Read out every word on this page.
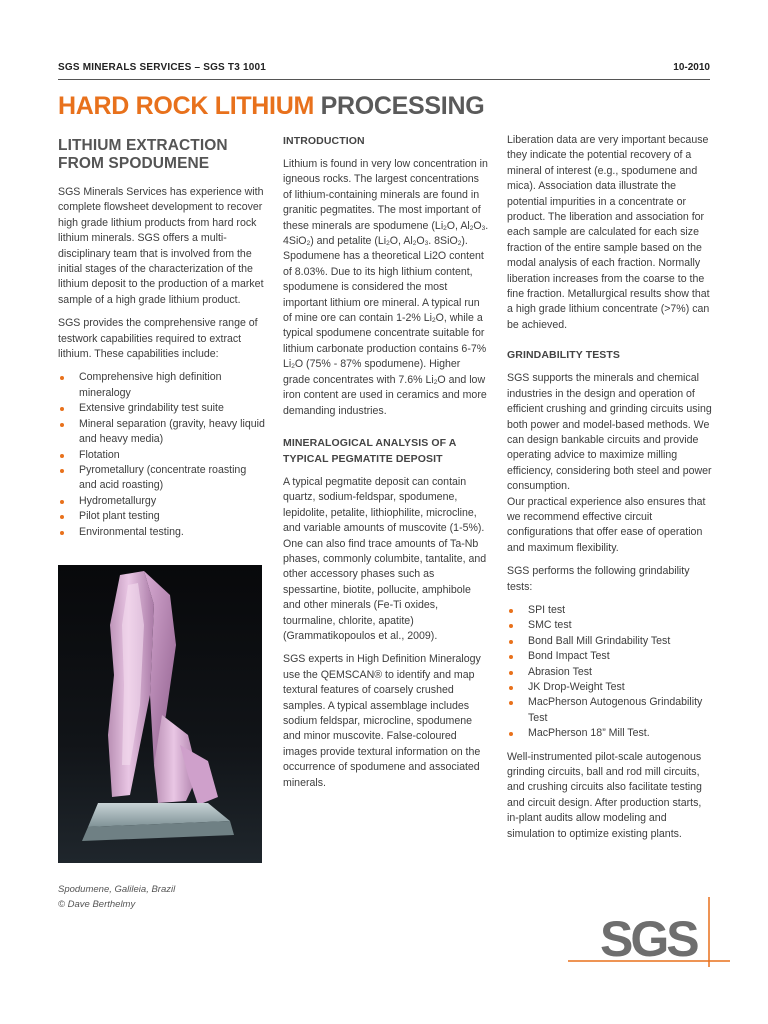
SGS MINERALS SERVICES – SGS T3 1001	10-2010
HARD ROCK LITHIUM PROCESSING
LITHIUM EXTRACTION FROM SPODUMENE

SGS Minerals Services has experience with complete flowsheet development to recover high grade lithium products from hard rock lithium minerals. SGS offers a multi-disciplinary team that is involved from the initial stages of the characterization of the lithium deposit to the production of a market sample of a high grade lithium product.

SGS provides the comprehensive range of testwork capabilities required to extract lithium. These capabilities include:

Comprehensive high definition mineralogy
Extensive grindability test suite
Mineral separation (gravity, heavy liquid and heavy media)
Flotation
Pyrometallury (concentrate roasting and acid roasting)
Hydrometallurgy
Pilot plant testing
Environmental testing.
Spodumene, Galileia, Brazil
© Dave Berthelmy
INTRODUCTION

Lithium is found in very low concentration in igneous rocks. The largest concentrations of lithium-containing minerals are found in granitic pegmatites. The most important of these minerals are spodumene ($Li_2O$, $Al_2O_3$. 4SiO$_2$) and petalite ($Li_2O$, $Al_2O_3$. 8SiO$_2$). Spodumene has a theoretical Li2O content of 8.03%. Due to its high lithium content, spodumene is considered the most important lithium ore mineral. A typical run of mine ore can contain 1-2% $Li_2O$, while a typical spodumene concentrate suitable for lithium carbonate production contains 6-7% $Li_2O$ (75% - 87% spodumene). Higher grade concentrates with 7.6% $Li_2O$ and low iron content are used in ceramics and more demanding industries.

MINERALOGICAL ANALYSIS OF A TYPICAL PEGMATITE DEPOSIT

A typical pegmatite deposit can contain quartz, sodium-feldspar, spodumene, lepidolite, petalite, lithiophilite, microcline, and variable amounts of muscovite (1-5%). One can also find trace amounts of Ta-Nb phases, commonly columbite, tantalite, and other accessory phases such as spessartine, biotite, pollucite, amphibole and other minerals (Fe-Ti oxides, tourmaline, chlorite, apatite) (Grammatikopoulos et al., 2009).

SGS experts in High Definition Mineralogy use the QEMSCAN® to identify and map textural features of coarsely crushed samples. A typical assemblage includes sodium feldspar, microcline, spodumene and minor muscovite. False-coloured images provide textural information on the occurrence of spodumene and associated minerals.

Liberation data are very important because they indicate the potential recovery of a mineral of interest (e.g., spodumene and mica). Association data illustrate the potential impurities in a concentrate or product. The liberation and association for each sample are calculated for each size fraction of the entire sample based on the modal analysis of each fraction. Normally liberation increases from the coarse to the fine fraction. Metallurgical results show that a high grade lithium concentrate (>7%) can be achieved.

GRINDABILITY TESTS

SGS supports the minerals and chemical industries in the design and operation of efficient crushing and grinding circuits using both power and model-based methods. We can design bankable circuits and provide operating advice to maximize milling efficiency, considering both steel and power consumption.

Our practical experience also ensures that we recommend effective circuit configurations that offer ease of operation and maximum flexibility.

SGS performs the following grindability tests:

SPI test
SMC test
Bond Ball Mill Grindability Test
Bond Impact Test
Abrasion Test
JK Drop-Weight Test
MacPherson Autogenous Grindability Test
MacPherson 18” Mill Test.

Well-instrumented pilot-scale autogenous grinding circuits, ball and rod mill circuits, and crushing circuits also facilitate testing and circuit design. After production starts, in-plant audits allow modeling and simulation to optimize existing plants.

SGS
